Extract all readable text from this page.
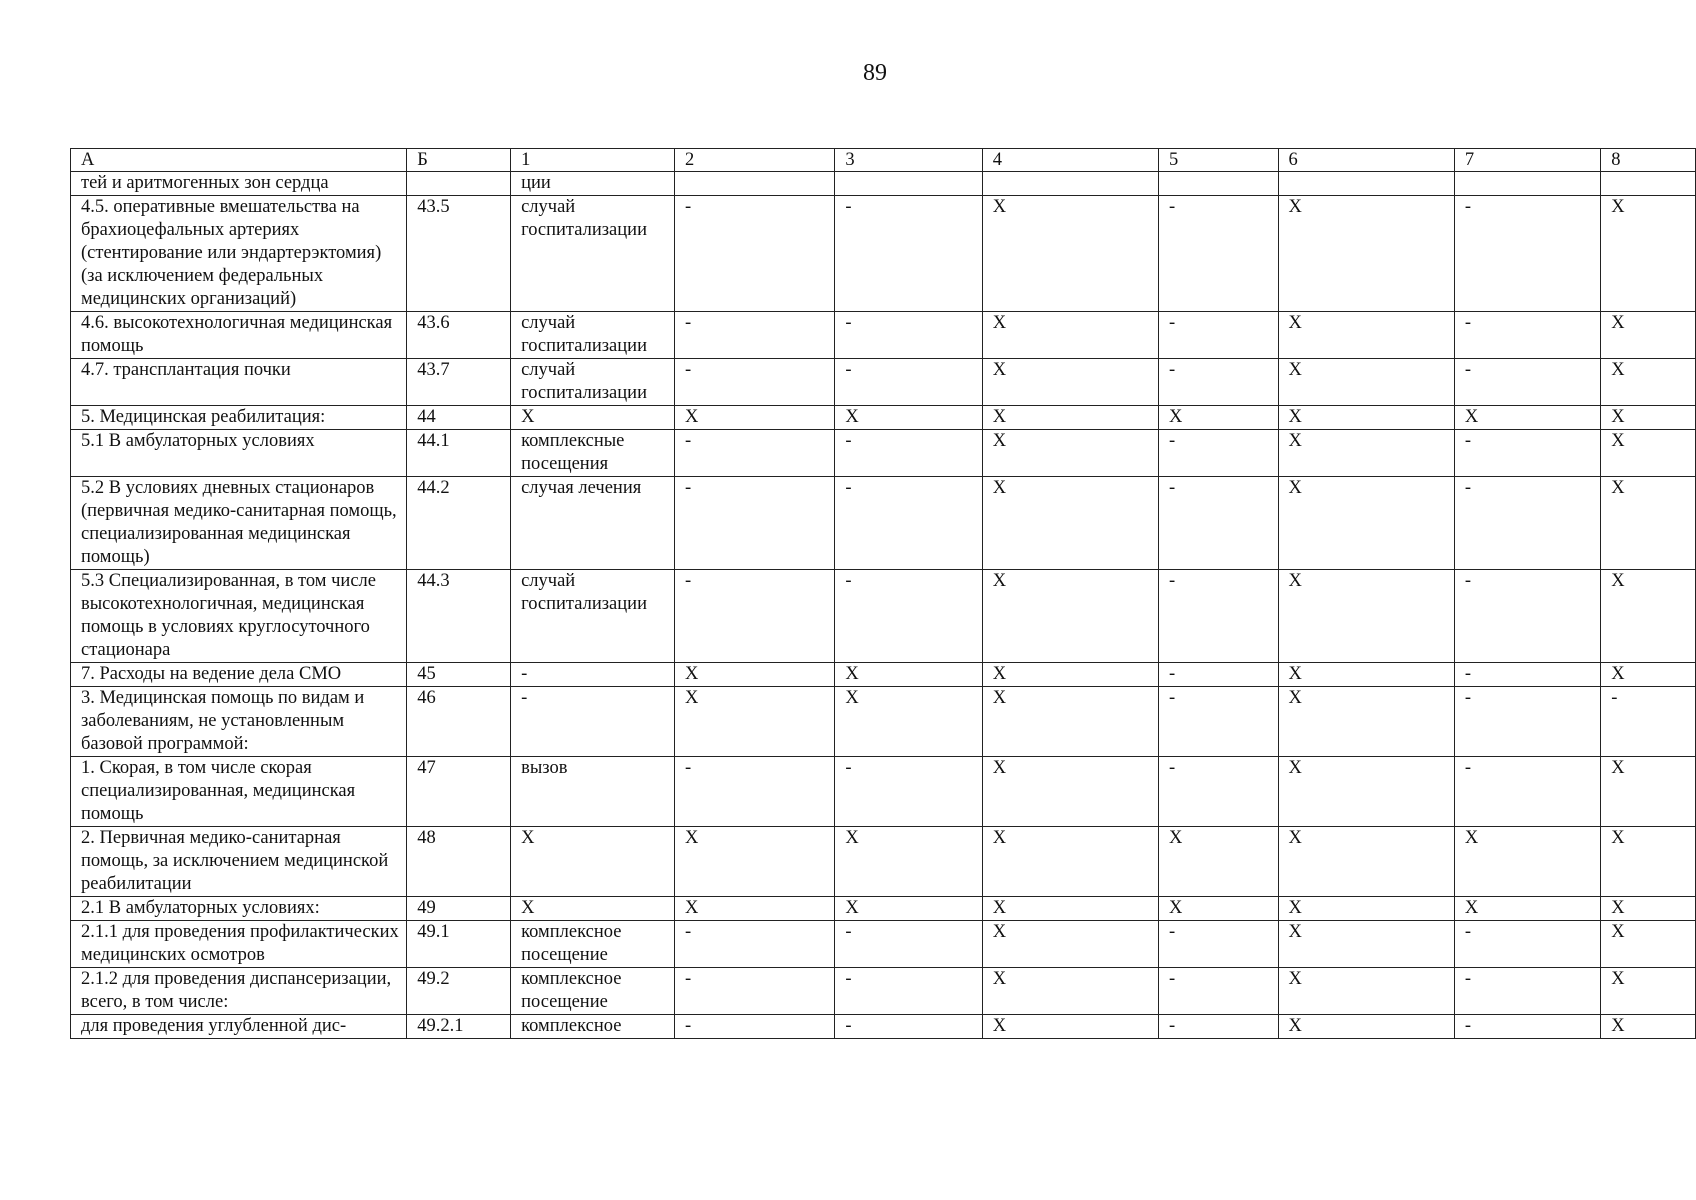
89
А	Б	1	2	3	4	5	6	7	8
тей и аритмогенных зон сердца		ции							
4.5. оперативные вмешательства на брахиоцефальных артериях (стентирование или эндартерэктомия) (за исключением федеральных медицинских организаций)	43.5	случай госпитализации	-	-	X	-	X	-	X
4.6. высокотехнологичная медицинская помощь	43.6	случай госпитализации	-	-	X	-	X	-	X
4.7. трансплантация почки	43.7	случай госпитализации	-	-	X	-	X	-	X
5. Медицинская реабилитация:	44	X	X	X	X	X	X	X	X
5.1 В амбулаторных условиях	44.1	комплексные посещения	-	-	X	-	X	-	X
5.2 В условиях дневных стационаров (первичная медико-санитарная помощь, специализированная медицинская помощь)	44.2	случая лечения	-	-	X	-	X	-	X
5.3 Специализированная, в том числе высокотехнологичная, медицинская помощь в условиях круглосуточного стационара	44.3	случай госпитализации	-	-	X	-	X	-	X
7. Расходы на ведение дела СМО	45	-	X	X	X	-	X	-	X
3. Медицинская помощь по видам и заболеваниям, не установленным базовой программой:	46	-	X	X	X	-	X	-	-
1. Скорая, в том числе скорая специализированная, медицинская помощь	47	вызов	-	-	X	-	X	-	X
2. Первичная медико-санитарная помощь, за исключением медицинской реабилитации	48	X	X	X	X	X	X	X	X
2.1 В амбулаторных условиях:	49	X	X	X	X	X	X	X	X
2.1.1 для проведения профилактических медицинских осмотров	49.1	комплексное посещение	-	-	X	-	X	-	X
2.1.2 для проведения диспансеризации, всего, в том числе:	49.2	комплексное посещение	-	-	X	-	X	-	X
для проведения углубленной дис-	49.2.1	комплексное	-	-	X	-	X	-	X
